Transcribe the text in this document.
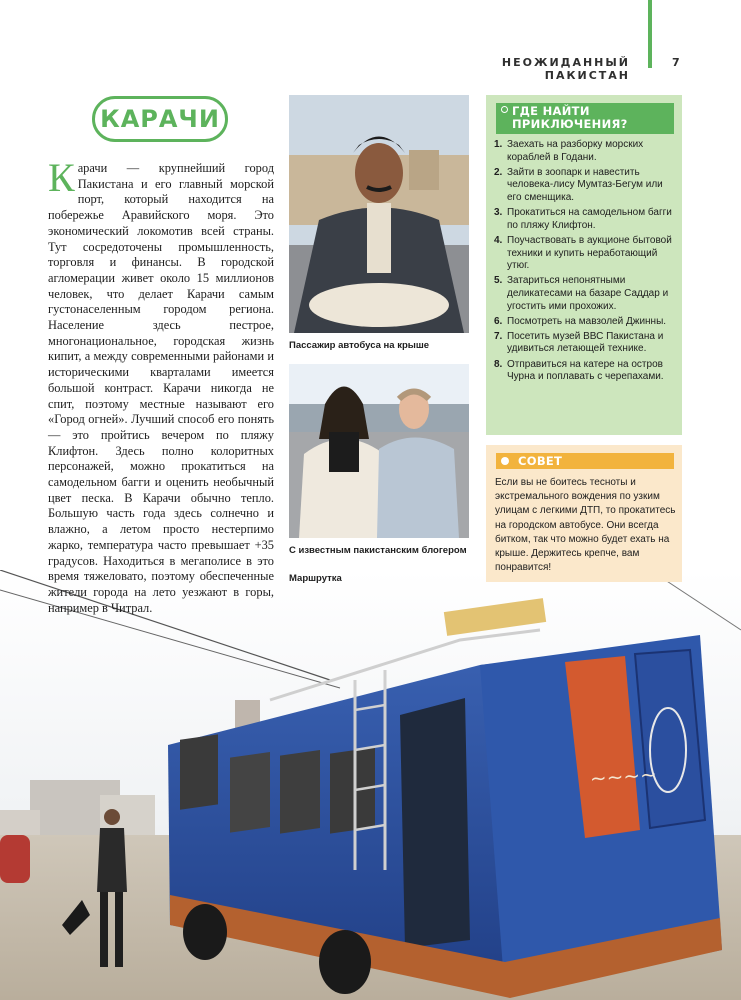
~~~~
НЕОЖИДАННЫЙ ПАКИСТАН
7
КАРАЧИ

Карачи — крупнейший город Пакистана и его главный морской порт, который находится на побережье Аравийского моря. Это экономический локомотив всей страны. Тут сосредоточены промышленность, торговля и финансы. В городской агломерации живет около 15 миллионов человек, что делает Карачи самым густонаселенным городом региона. Население здесь пестрое, многонациональное, городская жизнь кипит, а между современными районами и историческими кварталами имеется большой контраст. Карачи никогда не спит, поэтому местные называют его «Город огней». Лучший способ его понять — это пройтись вечером по пляжу Клифтон. Здесь полно колоритных персонажей, можно прокатиться на самодельном багги и оценить необычный цвет песка. В Карачи обычно тепло. Большую часть года здесь солнечно и влажно, а летом просто нестерпимо жарко, температура часто превышает +35 градусов. Находиться в мегаполисе в это время тяжеловато, поэтому обеспеченные жители города на лето уезжают в горы, например в Читрал.

Пассажир автобуса на крыше
С известным пакистанским блогером
Маршрутка
ГДЕ НАЙТИ ПРИКЛЮЧЕНИЯ?
1. Заехать на разборку морских кораблей в Годани.
2. Зайти в зоопарк и навестить человека-лису Мумтаз-Бегум или его сменщика.
3. Прокатиться на самодельном багги по пляжу Клифтон.
4. Поучаствовать в аукционе бытовой техники и купить неработающий утюг.
5. Затариться непонятными деликатесами на базаре Саддар и угостить ими прохожих.
6. Посмотреть на мавзолей Джинны.
7. Посетить музей ВВС Пакистана и удивиться летающей технике.
8. Отправиться на катере на остров Чурна и поплавать с черепахами.
СОВЕТ

Если вы не боитесь тесноты и экстремального вождения по узким улицам с легкими ДТП, то прокатитесь на городском автобусе. Они всегда битком, так что можно будет ехать на крыше. Держитесь крепче, вам понравится!
